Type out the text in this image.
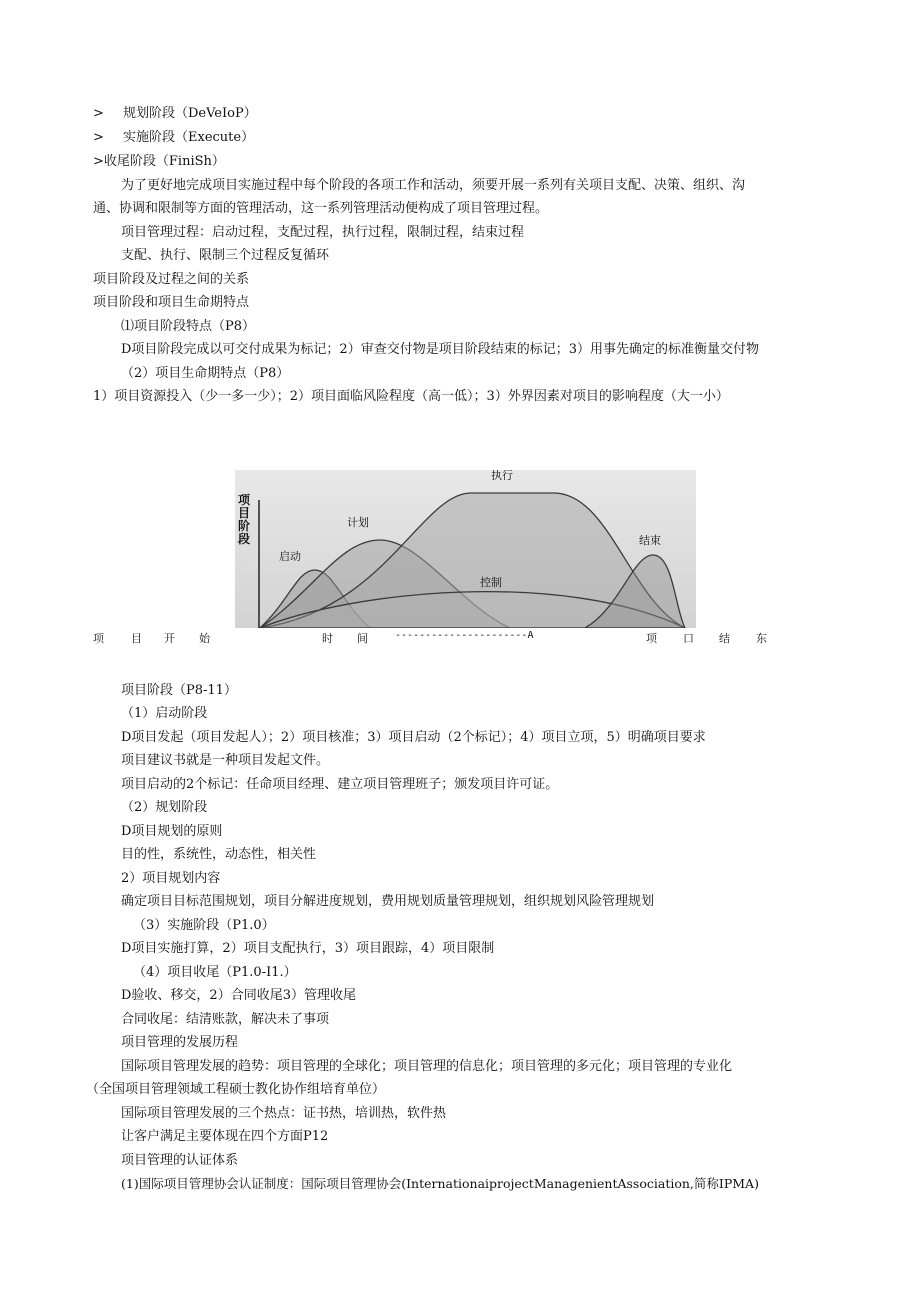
> 规划阶段（DeVeIoP）
> 实施阶段（Execute）
>收尾阶段（FiniSh）
为了更好地完成项目实施过程中每个阶段的各项工作和活动，须要开展一系列有关项目支配、决策、组织、沟
通、协调和限制等方面的管理活动，这一系列管理活动便构成了项目管理过程。
项目管理过程：启动过程，支配过程，执行过程，限制过程，结束过程
支配、执行、限制三个过程反复循环
项目阶段及过程之间的关系
项目阶段和项目生命期特点
⑴项目阶段特点（P8）
D项目阶段完成以可交付成果为标记；2）审查交付物是项目阶段结束的标记；3）用事先确定的标准衡量交付物
（2）项目生命期特点（P8）
1）项目资源投入（少一多一少）；2）项目面临风险程度（高一低）；3）外界因素对项目的影响程度（大一小）
执行
计划
启动
控制
结束
项目阶段
项 目 开 始	时 间	----------------------A	项 口 结 东
项目阶段（P8-11）
（1）启动阶段
D项目发起（项目发起人）；2）项目核准；3）项目启动（2个标记）；4）项目立项，5）明确项目要求
项目建议书就是一种项目发起文件。
项目启动的2个标记：任命项目经理、建立项目管理班子；颁发项目许可证。
（2）规划阶段
D项目规划的原则
目的性，系统性，动态性，相关性
2）项目规划内容
确定项目目标范围规划，项目分解进度规划，费用规划质量管理规划，组织规划风险管理规划
（3）实施阶段（P1.0）
D项目实施打算，2）项目支配执行，3）项目跟踪，4）项目限制
（4）项目收尾（P1.0-I1.）
D验收、移交，2）合同收尾3）管理收尾
合同收尾：结清账款，解决未了事项
项目管理的发展历程
国际项目管理发展的趋势：项目管理的全球化；项目管理的信息化；项目管理的多元化；项目管理的专业化
（全国项目管理领域工程硕士教化协作组培育单位）
国际项目管理发展的三个热点：证书热，培训热，软件热
让客户满足主要体现在四个方面P12
项目管理的认证体系
(1)国际项目管理协会认证制度：国际项目管理协会(InternationaiprojectManagenientAssociation,简称IPMA)
